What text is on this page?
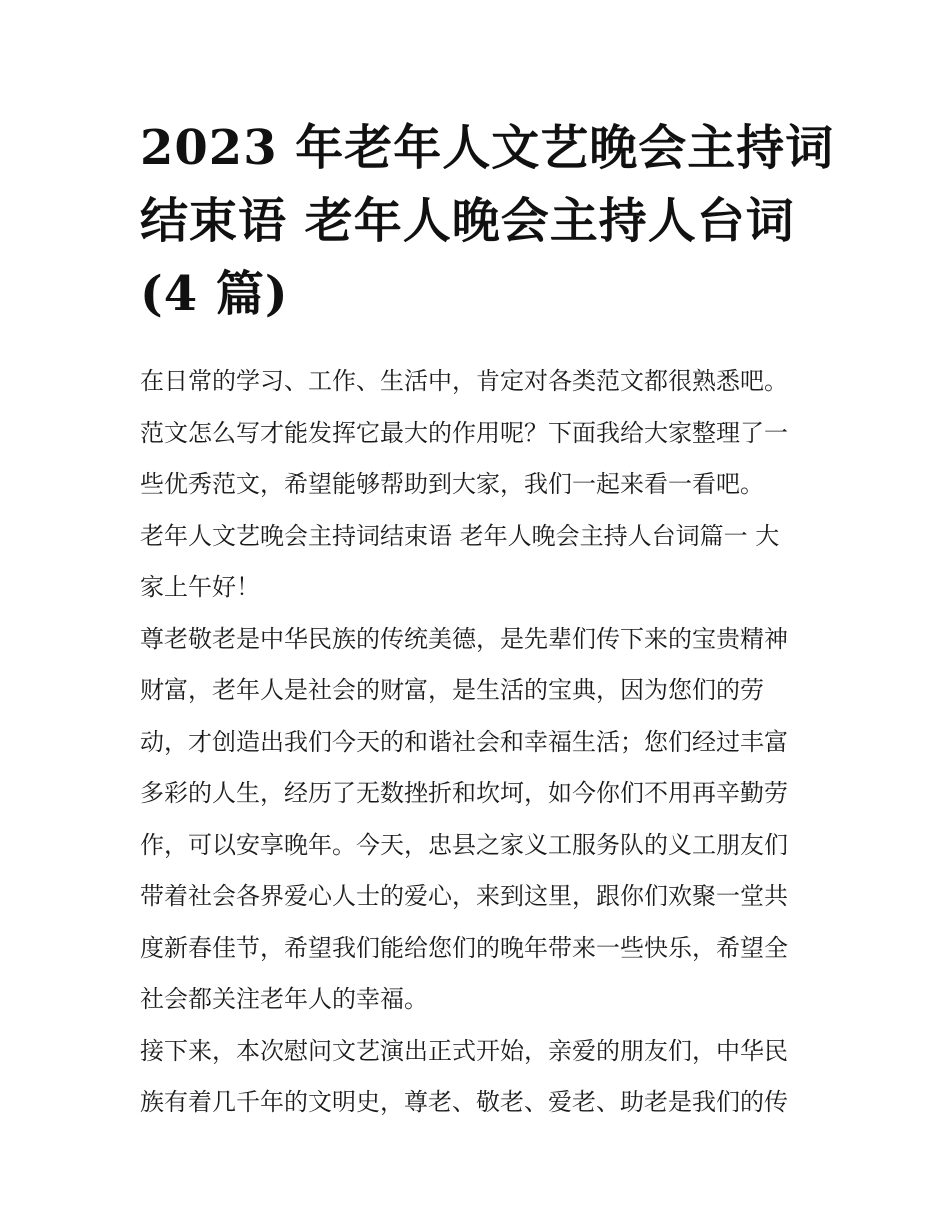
2023 年老年人文艺晚会主持词
结束语 老年人晚会主持人台词
(4 篇)
在日常的学习、工作、生活中，肯定对各类范文都很熟悉吧。
范文怎么写才能发挥它最大的作用呢？下面我给大家整理了一
些优秀范文，希望能够帮助到大家，我们一起来看一看吧。
老年人文艺晚会主持词结束语 老年人晚会主持人台词篇一 大
家上午好！
尊老敬老是中华民族的传统美德，是先辈们传下来的宝贵精神
财富，老年人是社会的财富，是生活的宝典，因为您们的劳
动，才创造出我们今天的和谐社会和幸福生活；您们经过丰富
多彩的人生，经历了无数挫折和坎坷，如今你们不用再辛勤劳
作，可以安享晚年。今天，忠县之家义工服务队的义工朋友们
带着社会各界爱心人士的爱心，来到这里，跟你们欢聚一堂共
度新春佳节，希望我们能给您们的晚年带来一些快乐，希望全
社会都关注老年人的幸福。
接下来，本次慰问文艺演出正式开始，亲爱的朋友们，中华民
族有着几千年的文明史，尊老、敬老、爱老、助老是我们的传
